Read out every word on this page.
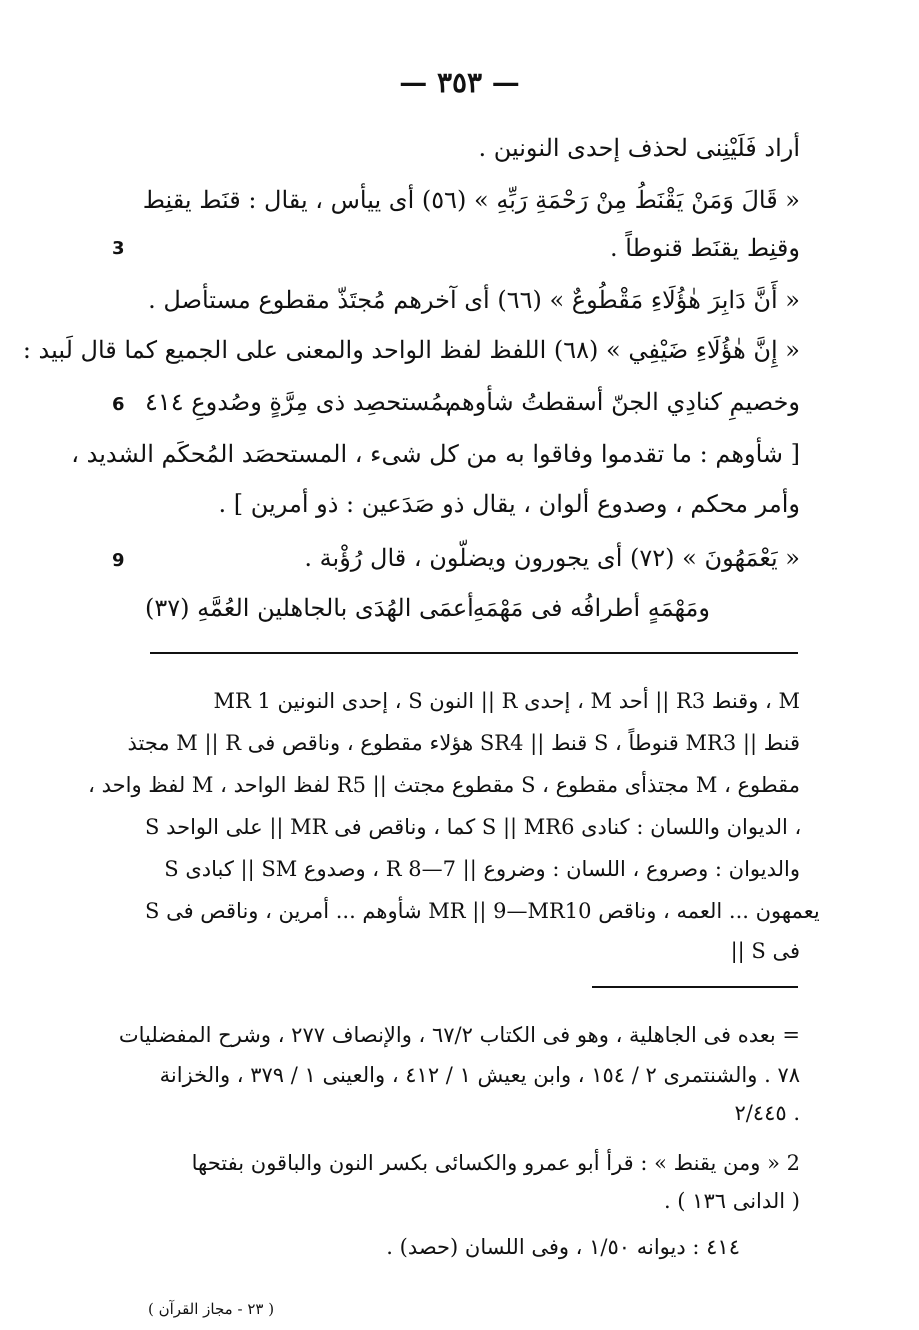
— ٣٥٣ —
أراد فَلَيْنِنى لحذف إحدى النونين .
« قَالَ وَمَنْ يَقْنَطُ مِنْ رَحْمَةِ رَبِّهِ » (٥٦) أى ييأس ، يقال : قنَط يقنِط
وقنِط يقنَط قنوطاً .
3
« أَنَّ دَابِرَ هٰؤُلَاءِ مَقْطُوعٌ » (٦٦) أى آخرهم مُجتَذّ مقطوع مستأصل .
« إِنَّ هٰؤُلَاءِ ضَيْفِي » (٦٨) اللفظ لفظ الواحد والمعنى على الجميع كما قال لَبيد :
وخصيمِ كنادِي الجنّ أسقطتُ شأوهم
بمُستحصِد ذى مِرَّةٍ وصُدوعِ ٤١٤
6
[ شأوهم : ما تقدموا وفاقوا به من كل شىء ، المستحصَد المُحكَم الشديد ،
وأمر محكم ، وصدوع ألوان ، يقال ذو صَدَعين : ذو أمرين ] .
« يَعْمَهُونَ » (٧٢) أى يجورون ويضلّون ، قال رُؤْبة .
9
ومَهْمَهٍ أطرافُه فى مَهْمَهِ
أعمَى الهُدَى بالجاهلين العُمَّهِ (٣٧)
MR 1 إحدى النونين ، S النون || R إحدى ، M أحد || R3 وقنط ، M
قنط || MR3 قنوطاً ، S قنط || SR4 هؤلاء مقطوع ، وناقص فى M || R مجتذ
مقطوع ، M مجتذأى مقطوع ، S مقطوع مجتث || R5 لفظ الواحد ، M لفظ واحد ،
S على الواحد || MR كما ، وناقص فى S || MR6 الديوان واللسان : كنادى ،
S كبادى || SM وصدوع ، R والديوان : وصروع ، اللسان : وضروع || 7—8
S شأوهم ... أمرين ، وناقص فى MR || 9—MR10 يعمهون ... العمه ، وناقص
فى S ||
= بعده فى الجاهلية ، وهو فى الكتاب ٦٧/٢ ، والإنصاف ٢٧٧ ، وشرح المفضليات
٧٨ . والشنتمرى ٢ / ١٥٤ ، وابن يعيش ١ / ٤١٢ ، والعينى ١ / ٣٧٩ ، والخزانة
٢/٤٤٥ .
2 « ومن يقنط » : قرأ أبو عمرو والكسائى بكسر النون والباقون بفتحها
( الدانى ١٣٦ ) .
٤١٤ : ديوانه ١/٥٠ ، وفى اللسان (حصد) .
( ٢٣ - مجاز القرآن )
